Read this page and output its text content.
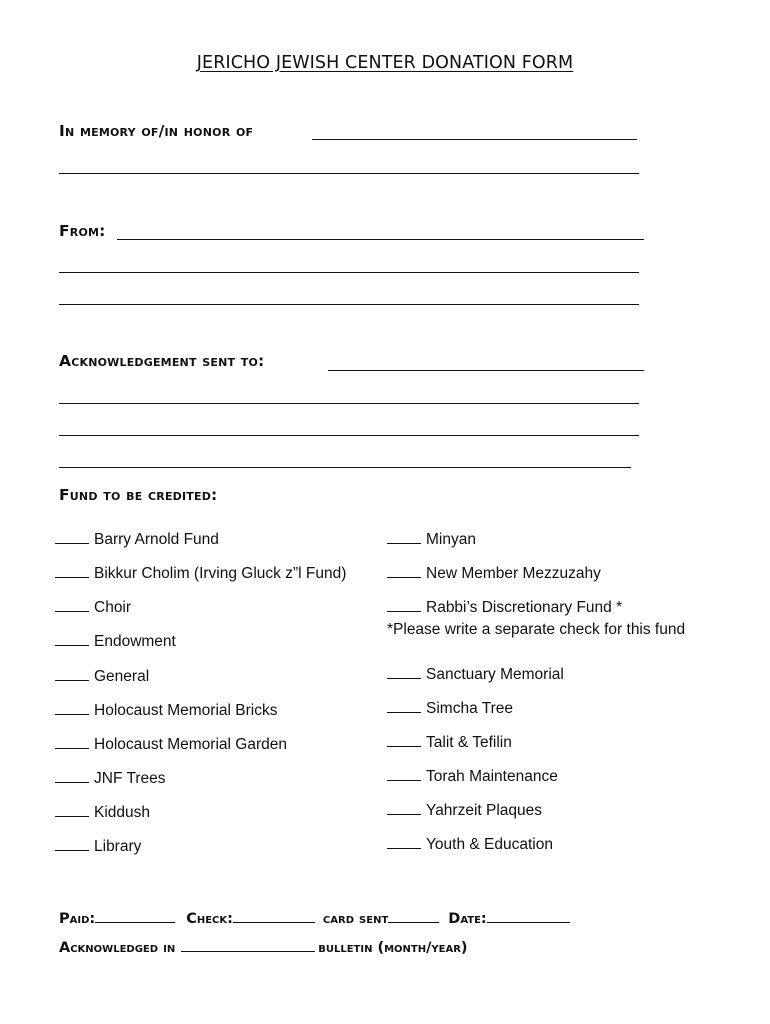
JERICHO JEWISH CENTER DONATION FORM
In memory of/in honor of
From:
Acknowledgement sent to:
Fund to be credited:
Barry Arnold Fund
Bikkur Cholim (Irving Gluck z”l Fund)
Choir
Endowment
General
Holocaust Memorial Bricks
Holocaust Memorial Garden
JNF Trees
Kiddush
Library
Minyan
New Member Mezzuzahy
Rabbi’s Discretionary Fund *
*Please write a separate check for this fund
Sanctuary Memorial
Simcha Tree
Talit & Tefilin
Torah Maintenance
Yahrzeit Plaques
Youth & Education
Paid:	Check:	card sent	Date:
Acknowledged in	bulletin (month/year)
